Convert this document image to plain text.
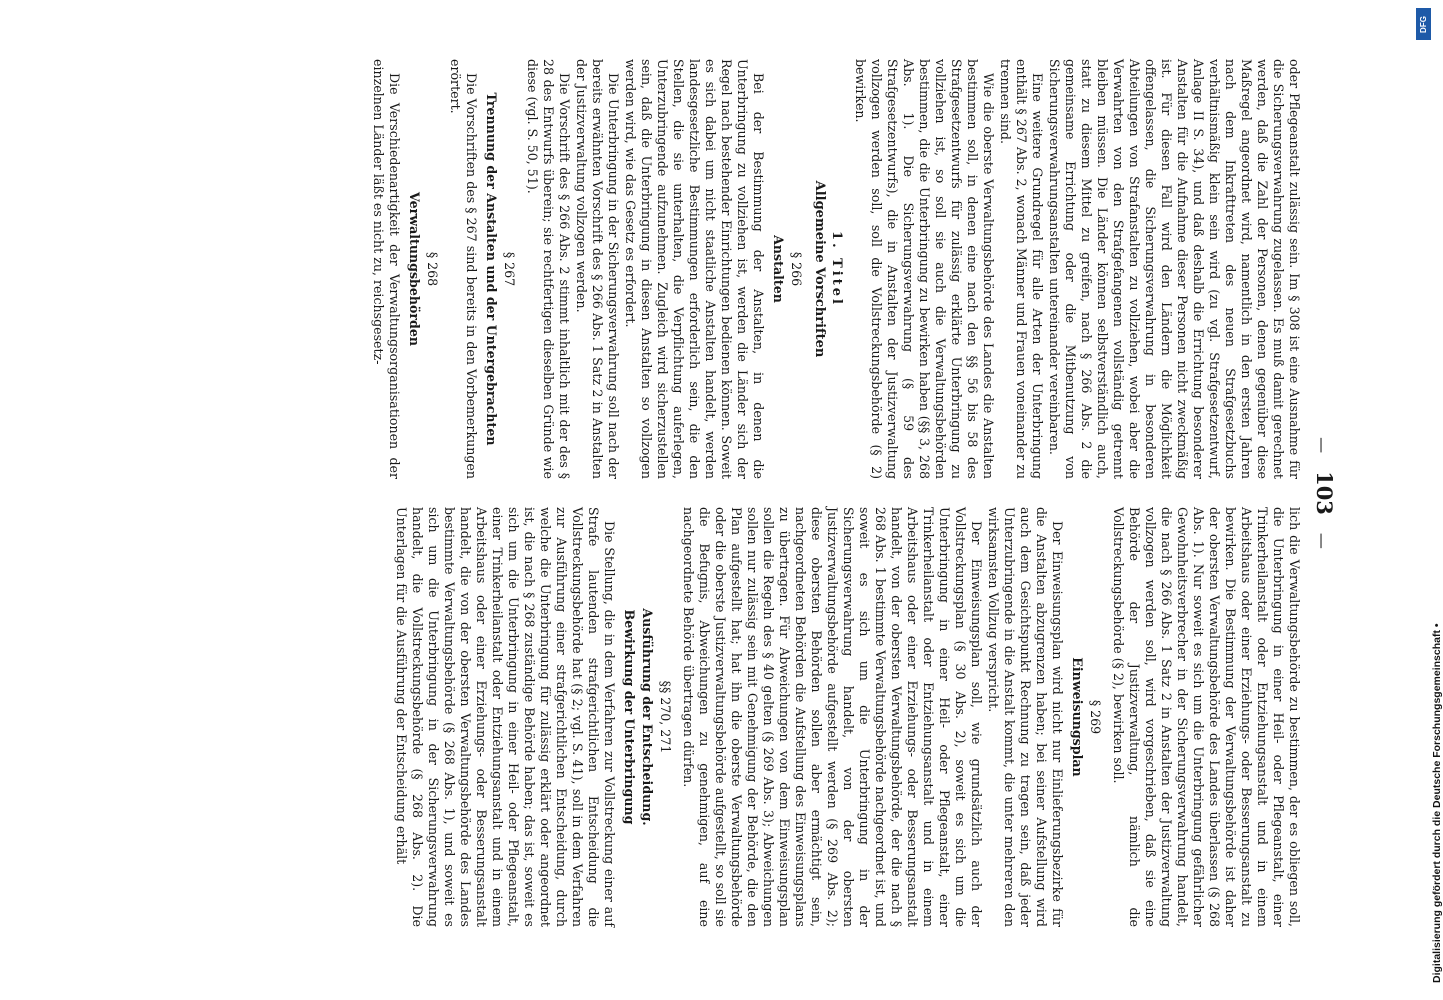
—
103
—

oder Pflegeanstalt zulässig sein. Im § 308 ist eine Ausnahme für die Sicherungsverwahrung zugelassen. Es muß damit gerechnet werden, daß die Zahl der Personen, denen gegenüber diese Maßregel angeordnet wird, namentlich in den ersten Jahren nach dem Inkrafttreten des neuen Strafgesetzbuchs verhältnismäßig klein sein wird (zu vgl. Strafgesetzentwurf, Anlage II S. 34), und daß deshalb die Errichtung besonderer Anstalten für die Aufnahme dieser Personen nicht zweckmäßig ist. Für diesen Fall wird den Ländern die Möglichkeit offengelassen, die Sicherungsverwahrung in besonderen Abteilungen von Strafanstalten zu vollziehen, wobei aber die Verwahrten von den Strafgefangenen vollständig getrennt bleiben müssen. Die Länder können selbstverständlich auch, statt zu diesem Mittel zu greifen, nach § 266 Abs. 2 die gemeinsame Errichtung oder die Mitbenutzung von Sicherungsverwahrungsanstalten untereinander vereinbaren.

Eine weitere Grundregel für alle Arten der Unterbringung enthält § 267 Abs. 2, wonach Männer und Frauen voneinander zu trennen sind.

Wie die oberste Verwaltungsbehörde des Landes die Anstalten bestimmen soll, in denen eine nach den §§ 56 bis 58 des Strafgesetzentwurfs für zulässig erklärte Unterbringung zu vollziehen ist, so soll sie auch die Verwaltungsbehörden bestimmen, die die Unterbringung zu bewirken haben (§§ 3, 268 Abs. 1). Die Sicherungsverwahrung (§ 59 des Strafgesetzentwurfs), die in Anstalten der Justizverwaltung vollzogen werden soll, soll die Vollstreckungsbehörde (§ 2) bewirken.

1. Titel
Allgemeine Vorschriften
§ 266
Anstalten

Bei der Bestimmung der Anstalten, in denen die Unterbringung zu vollziehen ist, werden die Länder sich der Regel nach bestehender Einrichtungen bedienen können. Soweit es sich dabei um nicht staatliche Anstalten handelt, werden landesgesetzliche Bestimmungen erforderlich sein, die den Stellen, die sie unterhalten, die Verpflichtung auferlegen, Unterzubringende aufzunehmen. Zugleich wird sicherzustellen sein, daß die Unterbringung in diesen Anstalten so vollzogen werden wird, wie das Gesetz es erfordert.

Die Unterbringung in der Sicherungsverwahrung soll nach der bereits erwähnten Vorschrift des § 266 Abs. 1 Satz 2 in Anstalten der Justizverwaltung vollzogen werden.

Die Vorschrift des § 266 Abs. 2 stimmt inhaltlich mit der des § 28 des Entwurfs überein; sie rechtfertigen dieselben Gründe wie diese (vgl. S. 50, 51).

§ 267
Trennung der Anstalten und der Untergebrachten

Die Vorschriften des § 267 sind bereits in den Vorbemerkungen erörtert.

§ 268
Verwaltungsbehörden

Die Verschiedenartigkeit der Verwaltungsorganisationen der einzelnen Länder läßt es nicht zu, reichsgesetz-

lich die Verwaltungsbehörde zu bestimmen, der es obliegen soll, die Unterbringung in einer Heil- oder Pflegeanstalt, einer Trinkerheilanstalt oder Entziehungsanstalt und in einem Arbeitshaus oder einer Erziehungs- oder Besserungsanstalt zu bewirken. Die Bestimmung der Verwaltungsbehörde ist daher der obersten Verwaltungsbehörde des Landes überlassen (§ 268 Abs. 1). Nur soweit es sich um die Unterbringung gefährlicher Gewohnheitsverbrecher in der Sicherungsverwahrung handelt, die nach § 266 Abs. 1 Satz 2 in Anstalten der Justizverwaltung vollzogen werden soll, wird vorgeschrieben, daß sie eine Behörde der Justizverwaltung, nämlich die Vollstreckungsbehörde (§ 2), bewirken soll.

§ 269
Einweisungsplan

Der Einweisungsplan wird nicht nur Einlieferungsbezirke für die Anstalten abzugrenzen haben; bei seiner Aufstellung wird auch dem Gesichtspunkt Rechnung zu tragen sein, daß jeder Unterzubringende in die Anstalt kommt, die unter mehreren den wirksamsten Vollzug verspricht.

Der Einweisungsplan soll, wie grundsätzlich auch der Vollstreckungsplan (§ 30 Abs. 2), soweit es sich um die Unterbringung in einer Heil- oder Pflegeanstalt, einer Trinkerheilanstalt oder Entziehungsanstalt und in einem Arbeitshaus oder einer Erziehungs- oder Besserungsanstalt handelt, von der obersten Verwaltungsbehörde, der die nach § 268 Abs. 1 bestimmte Verwaltungsbehörde nachgeordnet ist, und soweit es sich um die Unterbringung in der Sicherungsverwahrung handelt, von der obersten Justizverwaltungsbehörde aufgestellt werden (§ 269 Abs. 2); diese obersten Behörden sollen aber ermächtigt sein, nachgeordneten Behörden die Aufstellung des Einweisungsplans zu übertragen. Für Abweichungen von dem Einweisungsplan sollen die Regeln des § 40 gelten (§ 269 Abs. 3); Abweichungen sollen nur zulässig sein mit Genehmigung der Behörde, die den Plan aufgestellt hat; hat ihn die oberste Verwaltungsbehörde oder die oberste Justizverwaltungsbehörde aufgestellt, so soll sie die Befugnis, Abweichungen zu genehmigen, auf eine nachgeordnete Behörde übertragen dürfen.

§§ 270, 271
Ausführung der Entscheidung.
Bewirkung der Unterbringung

Die Stellung, die in dem Verfahren zur Vollstreckung einer auf Strafe lautenden strafgerichtlichen Entscheidung die Vollstreckungsbehörde hat (§ 2; vgl. S. 41), soll in dem Verfahren zur Ausführung einer strafgerichtlichen Entscheidung, durch welche die Unterbringung für zulässig erklärt oder angeordnet ist, die nach § 268 zuständige Behörde haben; das ist, soweit es sich um die Unterbringung in einer Heil- oder Pflegeanstalt, einer Trinkerheilanstalt oder Entziehungsanstalt und in einem Arbeitshaus oder einer Erziehungs- oder Besserungsanstalt handelt, die von der obersten Verwaltungsbehörde des Landes bestimmte Verwaltungsbehörde (§ 268 Abs. 1), und soweit es sich um die Unterbringung in der Sicherungsverwahrung handelt, die Vollstreckungsbehörde (§ 268 Abs. 2). Die Unterlagen für die Ausführung der Entscheidung erhält	Digitalisierung gefördert durch die Deutsche Forschungsgemeinschaft •
DFG
